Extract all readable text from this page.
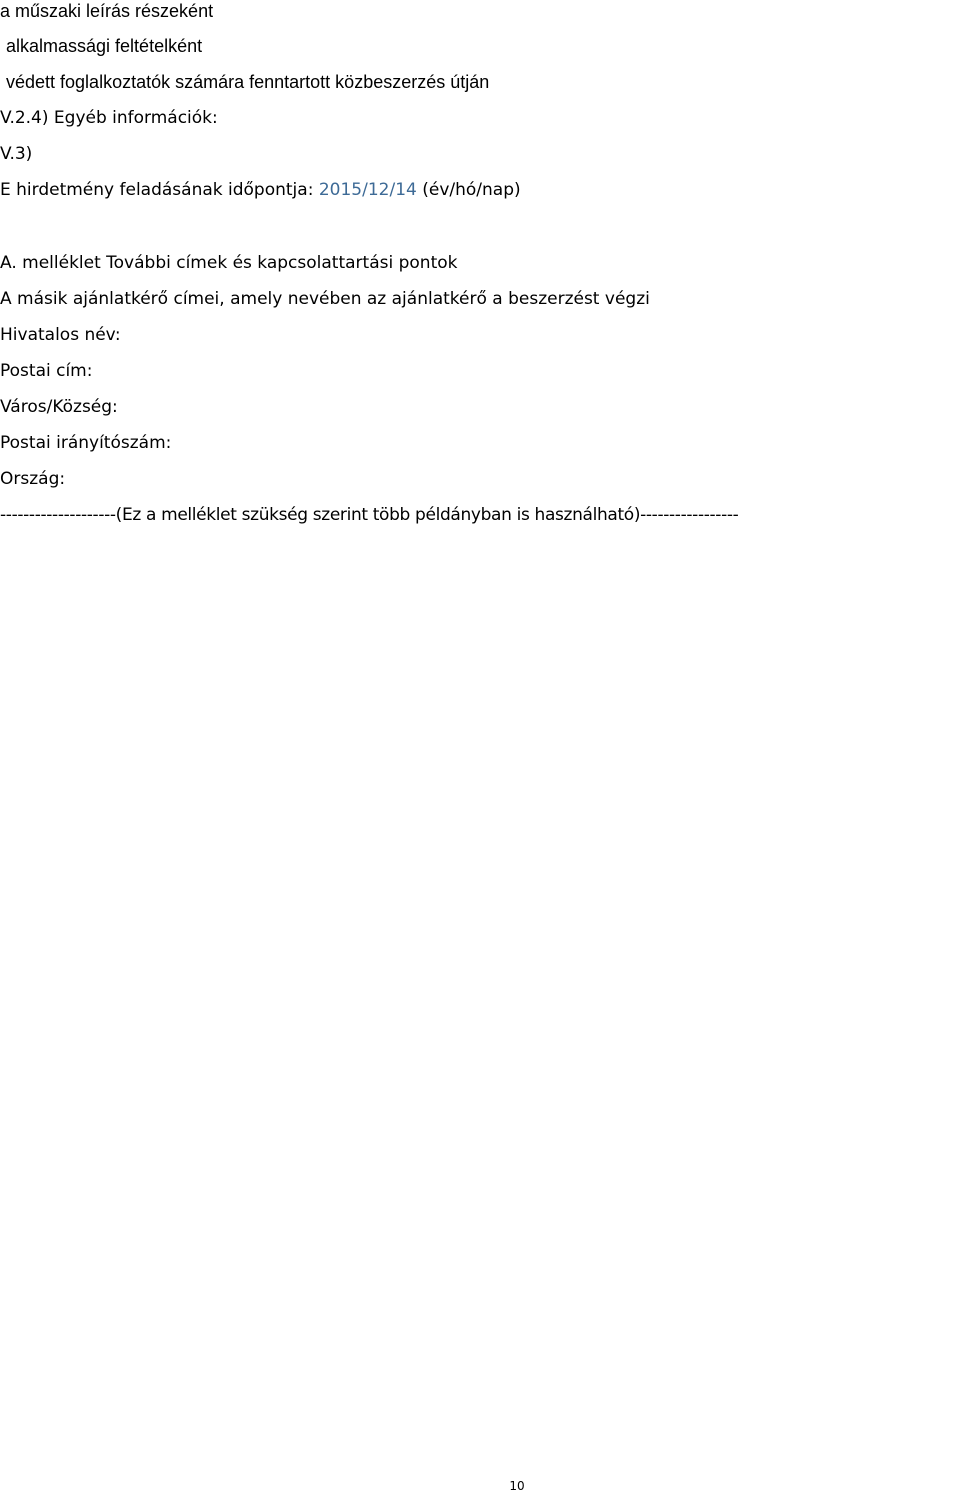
a műszaki leírás részeként
alkalmassági feltételként
védett foglalkoztatók számára fenntartott közbeszerzés útján
V.2.4) Egyéb információk:
V.3)
E hirdetmény feladásának időpontja: 2015/12/14 (év/hó/nap)
A. melléklet További címek és kapcsolattartási pontok
A másik ajánlatkérő címei, amely nevében az ajánlatkérő a beszerzést végzi
Hivatalos név:
Postai cím:
Város/Község:
Postai irányítószám:
Ország:
--------------------(Ez a melléklet szükség szerint több példányban is használható)-----------------
10
